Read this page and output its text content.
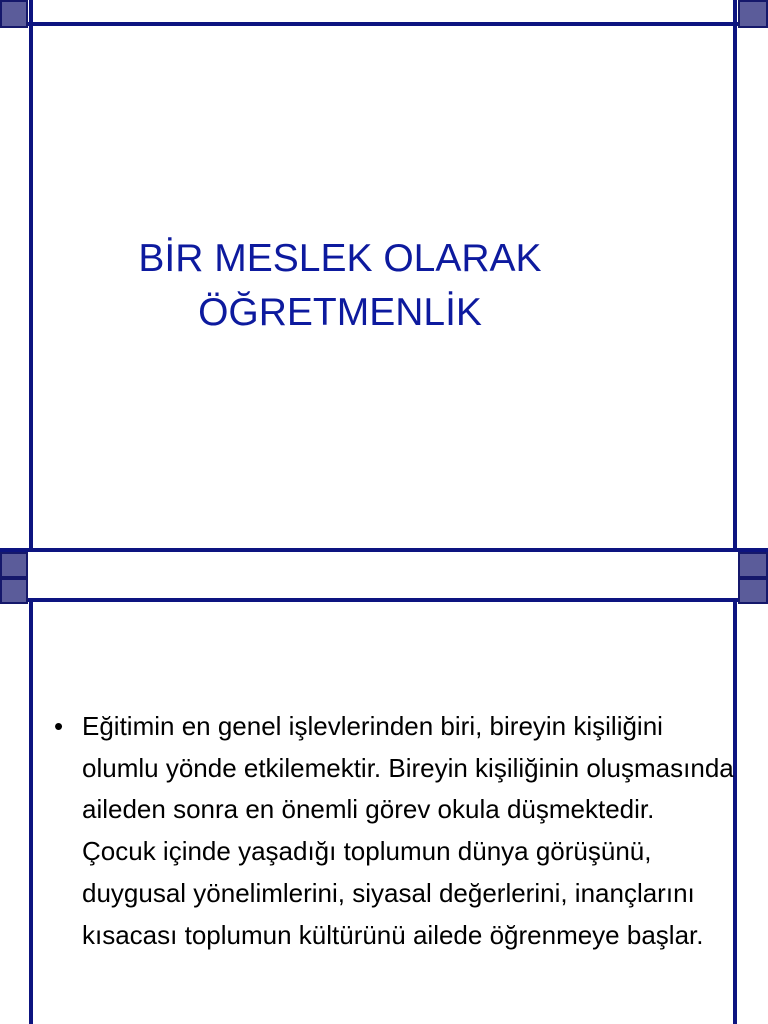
BİR MESLEK OLARAK
ÖĞRETMENLİK
• Eğitimin en genel işlevlerinden biri, bireyin kişiliğini olumlu yönde etkilemektir. Bireyin kişiliğinin oluşmasında aileden sonra en önemli görev okula düşmektedir. Çocuk içinde yaşadığı toplumun dünya görüşünü, duygusal yönelimlerini, siyasal değerlerini, inançlarını kısacası toplumun kültürünü ailede öğrenmeye başlar.
